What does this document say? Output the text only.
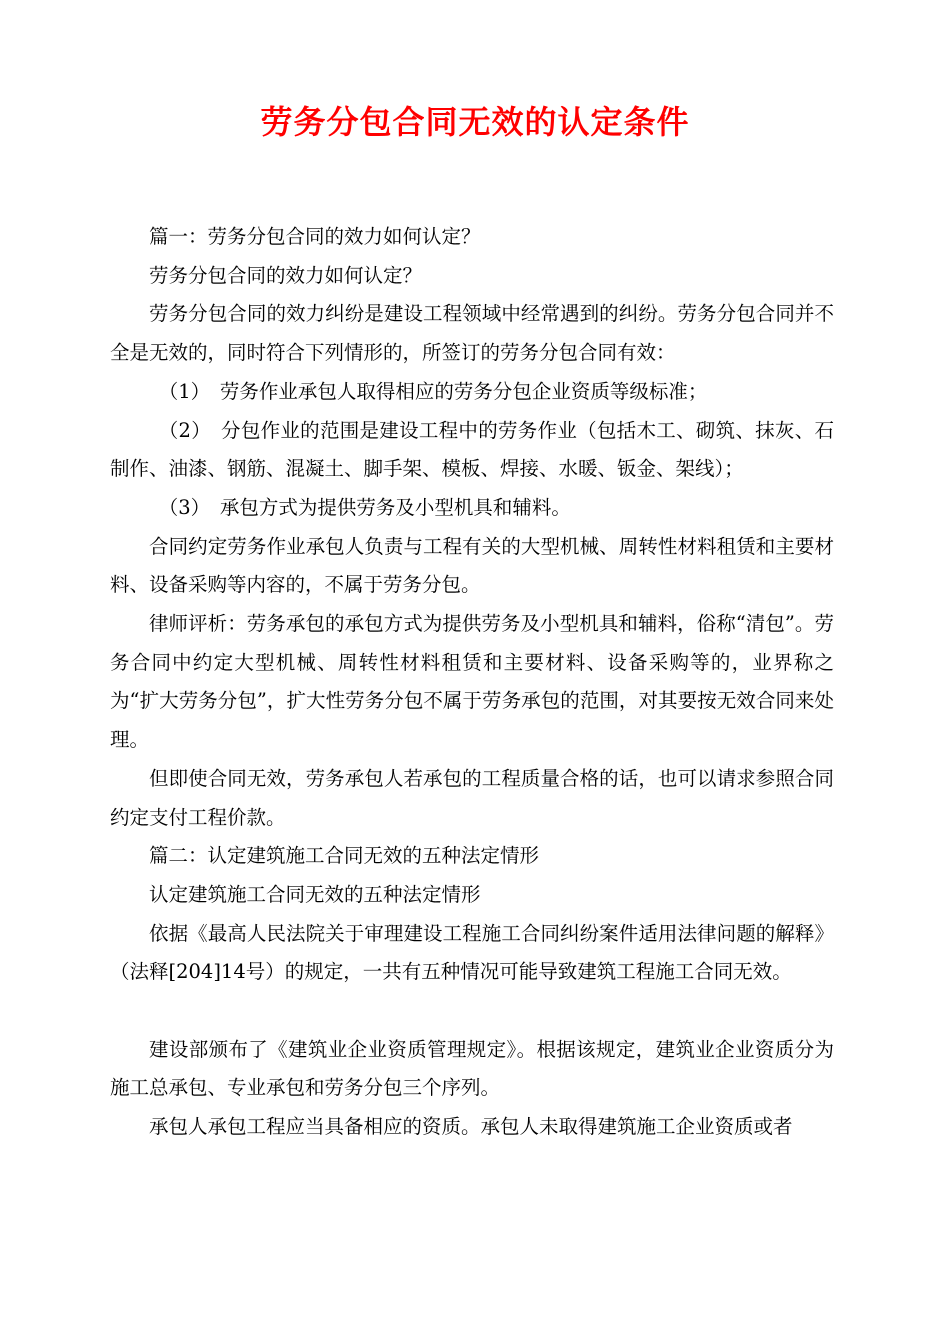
劳务分包合同无效的认定条件

篇一：劳务分包合同的效力如何认定？

劳务分包合同的效力如何认定？

劳务分包合同的效力纠纷是建设工程领域中经常遇到的纠纷。劳务分包合同并不全是无效的，同时符合下列情形的，所签订的劳务分包合同有效：

（1）　劳务作业承包人取得相应的劳务分包企业资质等级标准；

（2）　分包作业的范围是建设工程中的劳务作业（包括木工、砌筑、抹灰、石　制作、油漆、钢筋、混凝土、脚手架、模板、焊接、水暖、钣金、架线）；

（3）　承包方式为提供劳务及小型机具和辅料。

合同约定劳务作业承包人负责与工程有关的大型机械、周转性材料租赁和主要材料、设备采购等内容的，不属于劳务分包。

律师评析：劳务承包的承包方式为提供劳务及小型机具和辅料，俗称“清包”。劳务合同中约定大型机械、周转性材料租赁和主要材料、设备采购等的，业界称之为“扩大劳务分包”，扩大性劳务分包不属于劳务承包的范围，对其要按无效合同来处理。

但即使合同无效，劳务承包人若承包的工程质量合格的话，也可以请求参照合同约定支付工程价款。

篇二：认定建筑施工合同无效的五种法定情形

认定建筑施工合同无效的五种法定情形

依据《最高人民法院关于审理建设工程施工合同纠纷案件适用法律问题的解释》（法释[204]14号）的规定，一共有五种情况可能导致建筑工程施工合同无效。

建设部颁布了《建筑业企业资质管理规定》。根据该规定，建筑业企业资质分为施工总承包、专业承包和劳务分包三个序列。

承包人承包工程应当具备相应的资质。承包人未取得建筑施工企业资质或者
